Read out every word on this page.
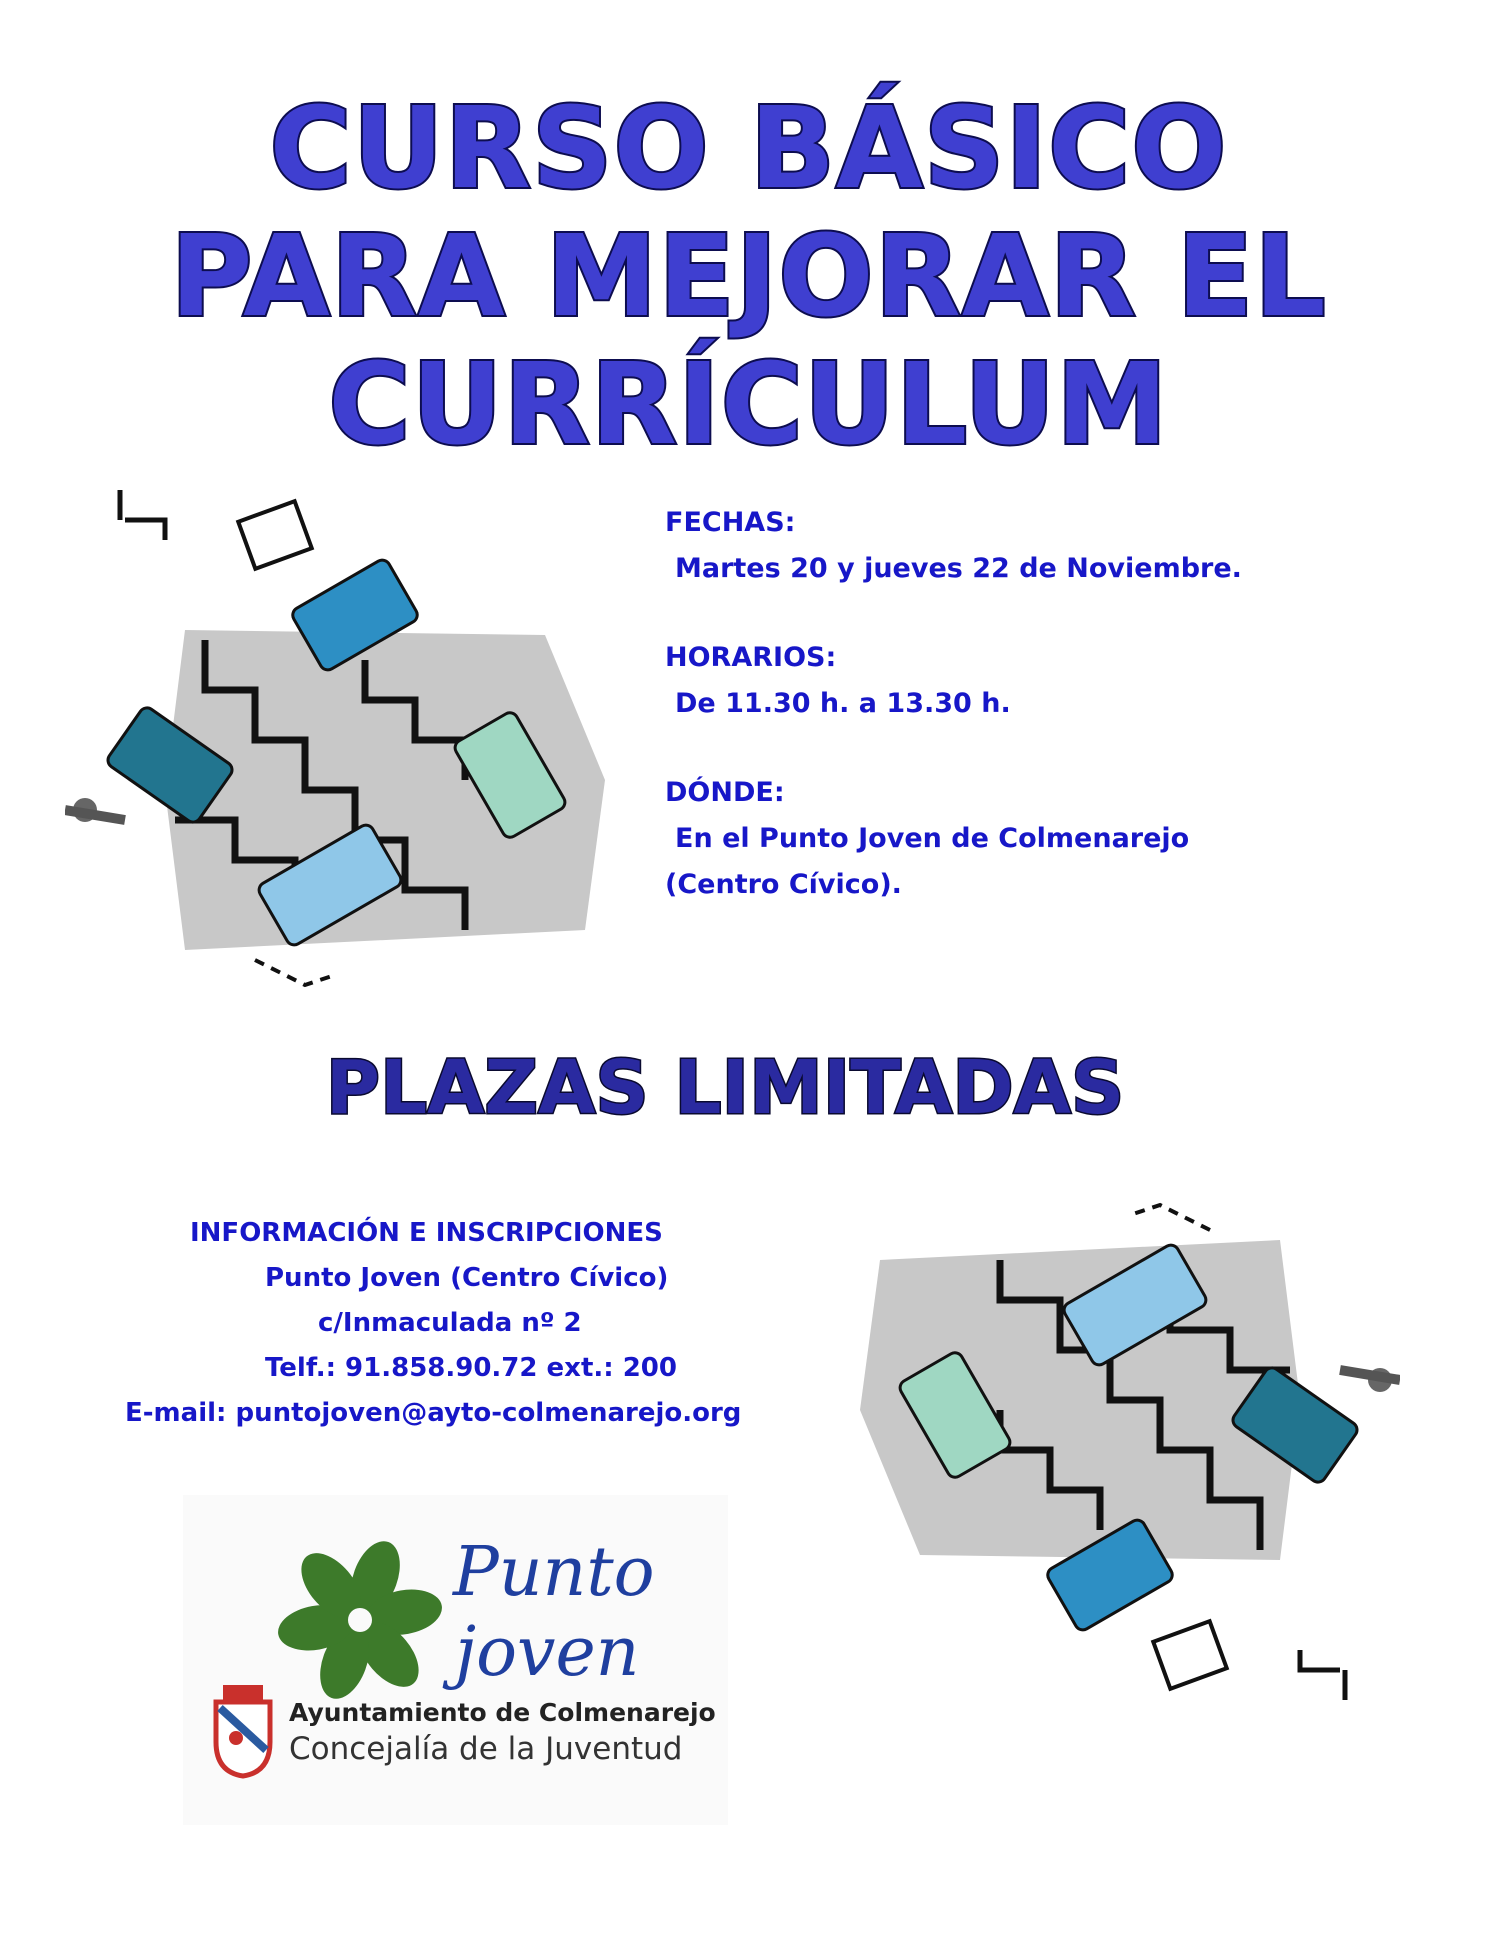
CURSO BÁSICO
PARA MEJORAR EL
CURRÍCULUM
FECHAS:
Martes 20 y jueves 22 de Noviembre.
HORARIOS:
De 11.30 h. a 13.30 h.
DÓNDE:
En el Punto Joven de Colmenarejo
(Centro Cívico).
PLAZAS LIMITADAS
INFORMACIÓN E INSCRIPCIONES
Punto Joven (Centro Cívico)
c/Inmaculada nº 2
Telf.: 91.858.90.72 ext.: 200
E-mail: puntojoven@ayto-colmenarejo.org
Punto
joven
Ayuntamiento de Colmenarejo
Concejalía de la Juventud
